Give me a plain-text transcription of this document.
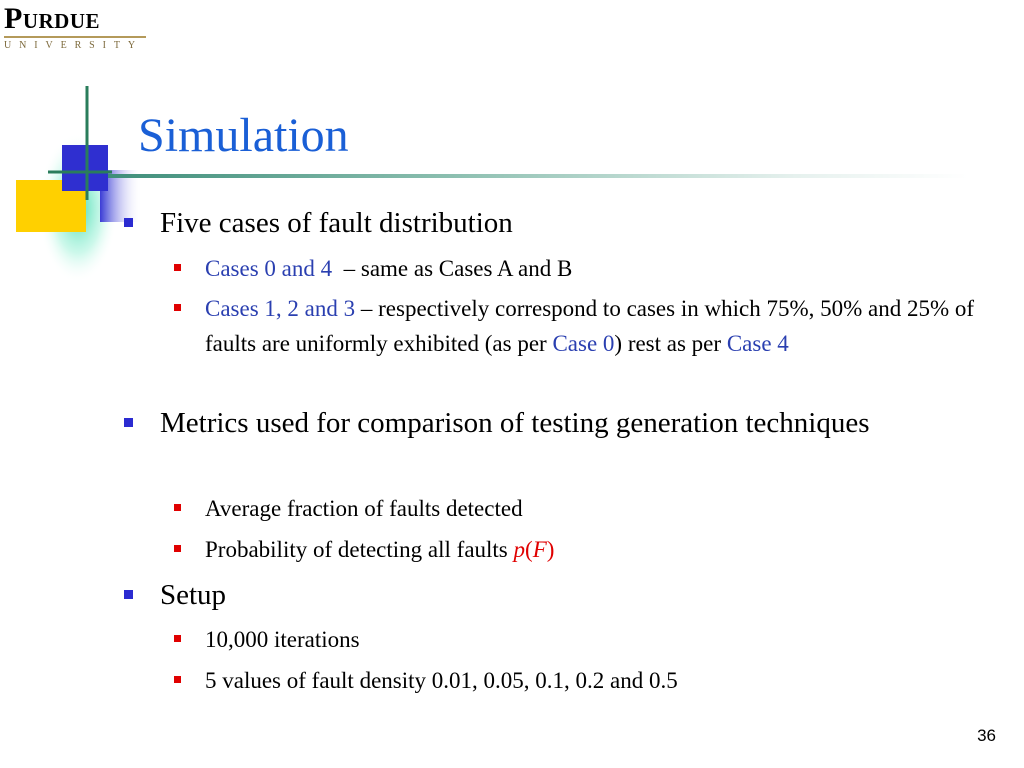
Purdue
UNIVERSITY
Simulation
Five cases of fault distribution
Cases 0 and 4  – same as Cases A and B
Cases 1, 2 and 3 – respectively correspond to cases in which 75%, 50% and 25% of faults are uniformly exhibited (as per Case 0) rest as per Case 4
Metrics used for comparison of testing generation techniques
Average fraction of faults detected
Probability of detecting all faults p(F)
Setup
10,000 iterations
5 values of fault density 0.01, 0.05, 0.1, 0.2 and 0.5
36
